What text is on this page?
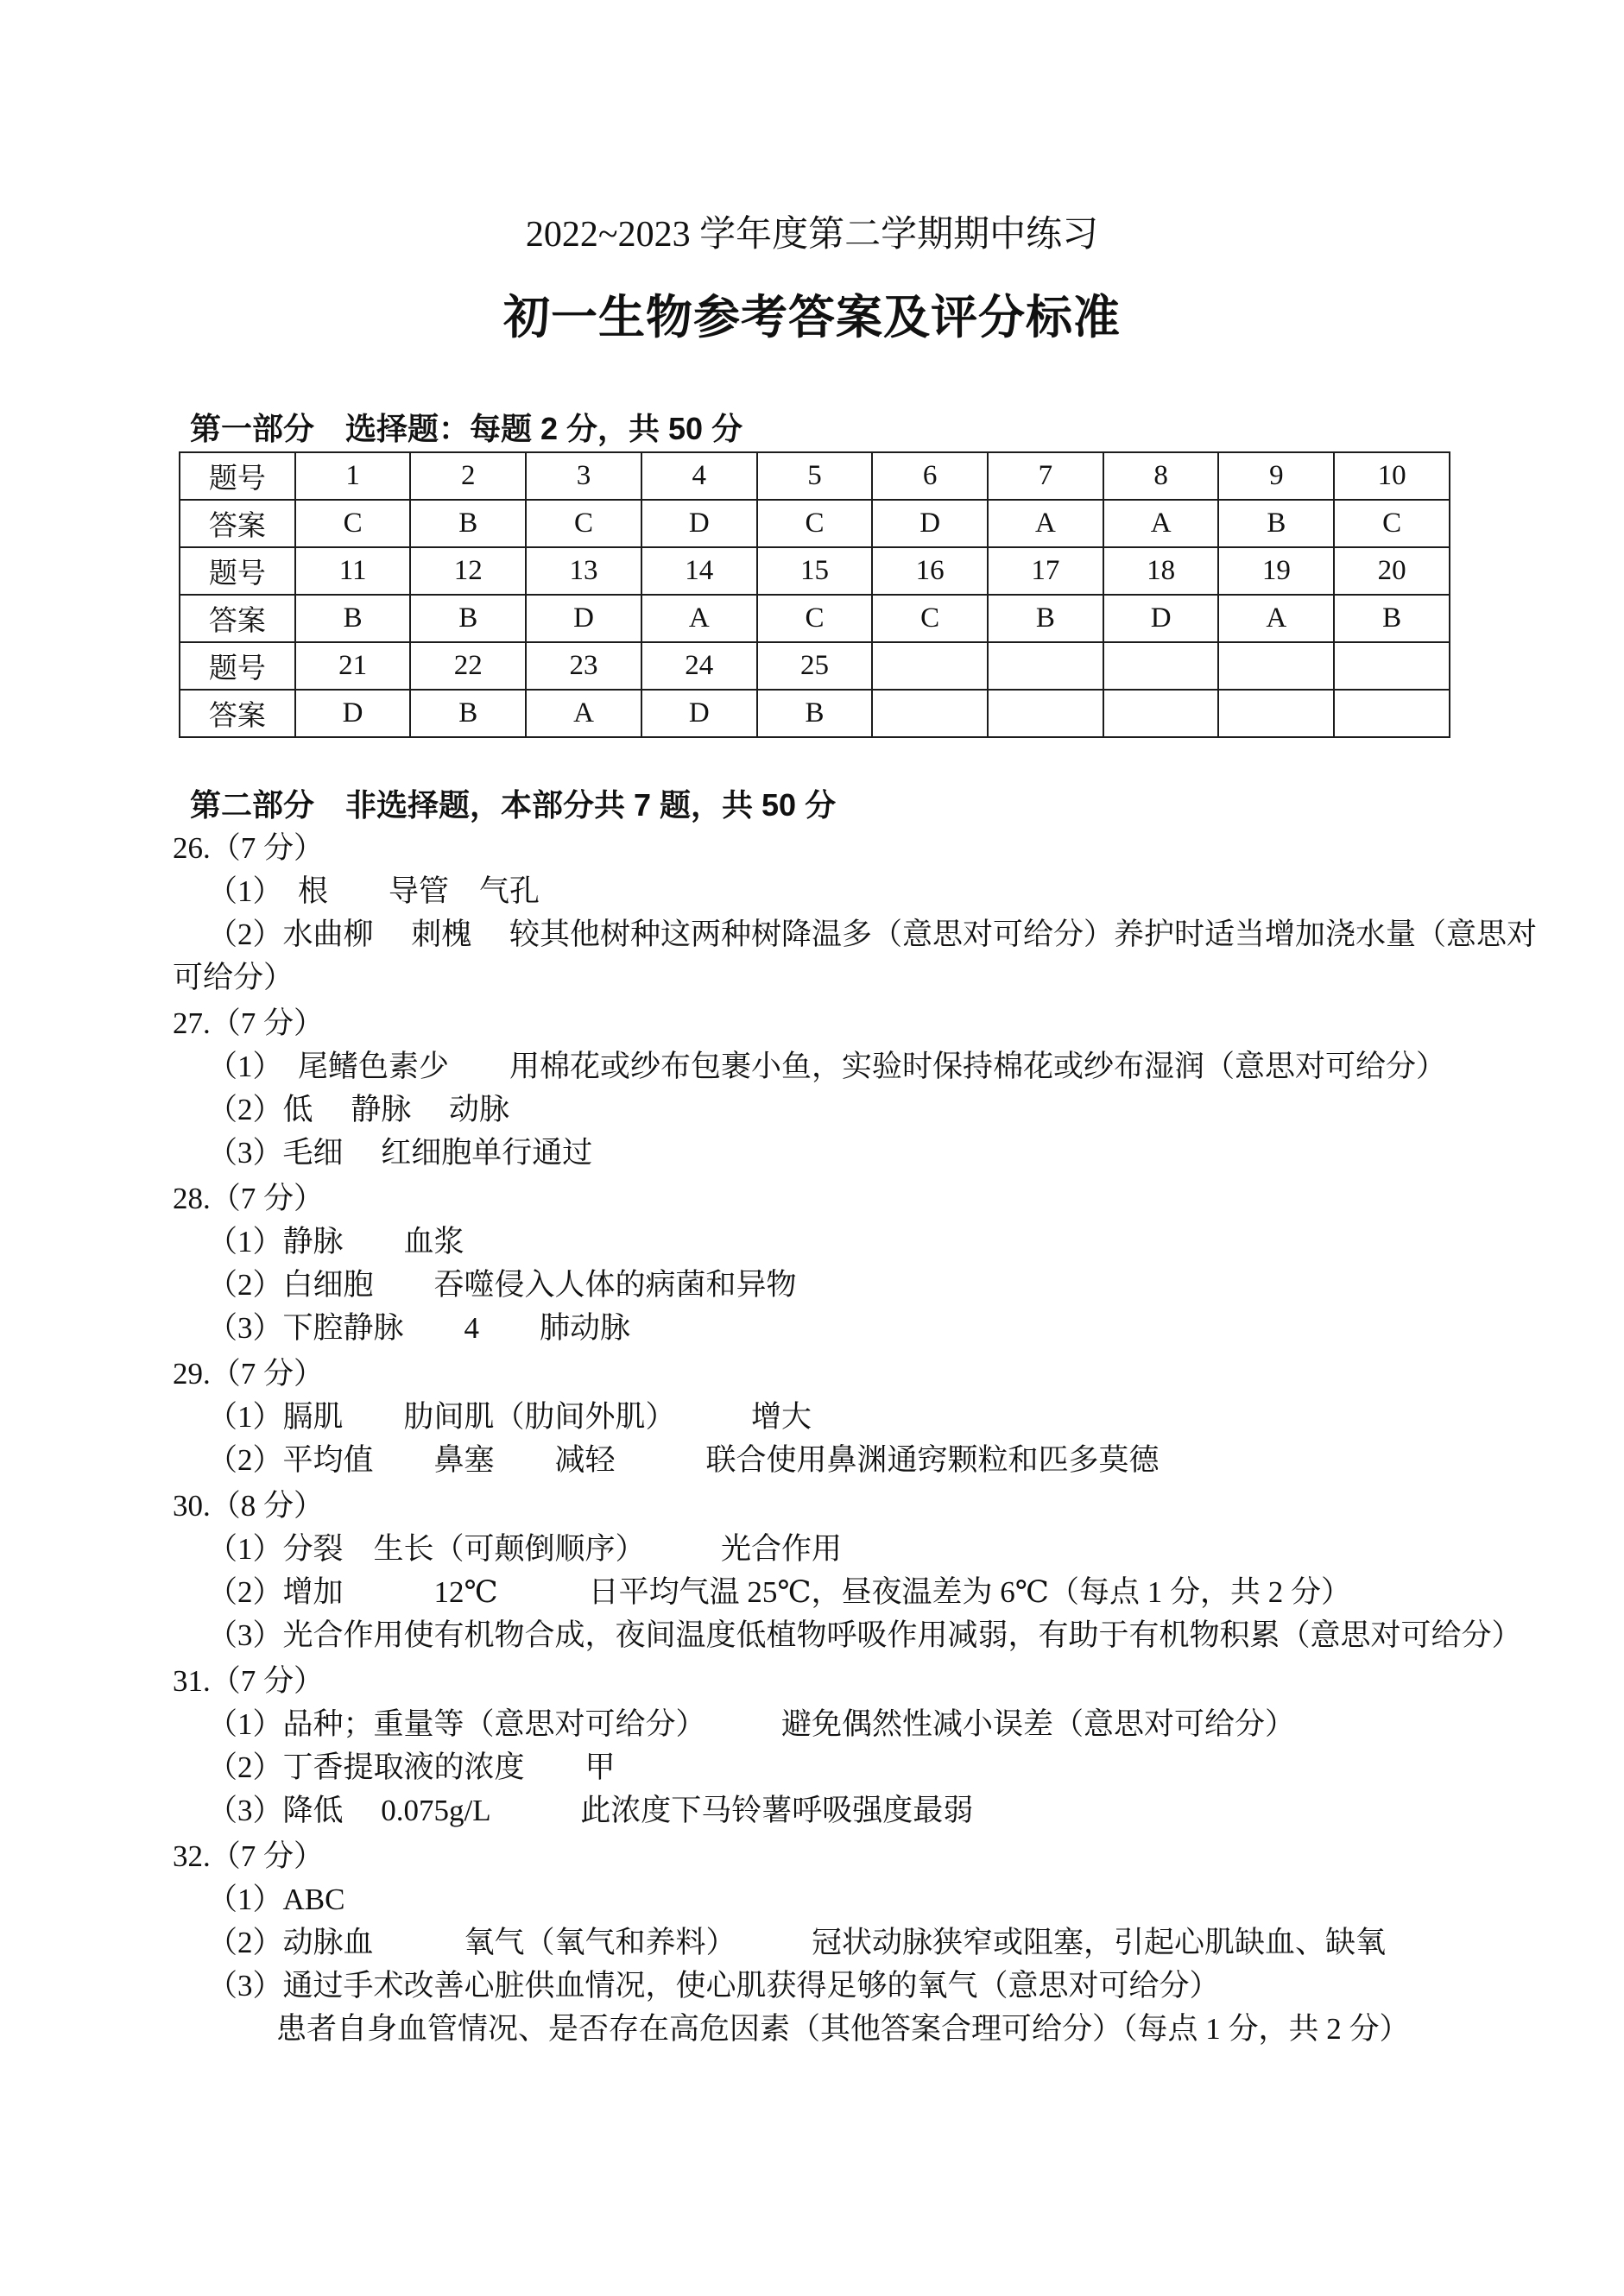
2022~2023 学年度第二学期期中练习
初一生物参考答案及评分标准
第一部分　选择题：每题 2 分，共 50 分
题号	1	2	3	4	5	6	7	8	9	10
答案	C	B	C	D	C	D	A	A	B	C
题号	11	12	13	14	15	16	17	18	19	20
答案	B	B	D	A	C	C	B	D	A	B
题号	21	22	23	24	25					
答案	D	B	A	D	B					
第二部分　非选择题，本部分共 7 题，共 50 分
26.（7 分）
（1）　根　　导管　气孔
（2）水曲柳　 刺槐　 较其他树种这两种树降温多（意思对可给分）养护时适当增加浇水量（意思对
可给分）
27.（7 分）
（1）　尾鳍色素少　　用棉花或纱布包裹小鱼，实验时保持棉花或纱布湿润（意思对可给分）
（2）低　 静脉　 动脉
（3）毛细　 红细胞单行通过
28.（7 分）
（1）静脉　　血浆
（2）白细胞　　吞噬侵入人体的病菌和异物
（3）下腔静脉　　4　　肺动脉
29.（7 分）
（1）膈肌　　肋间肌（肋间外肌）　　　增大
（2）平均值　　鼻塞　　减轻　　　联合使用鼻渊通窍颗粒和匹多莫德
30.（8 分）
（1）分裂　生长（可颠倒顺序）　　　光合作用
（2）增加　　　12℃　　　日平均气温 25℃，昼夜温差为 6℃（每点 1 分，共 2 分）
（3）光合作用使有机物合成，夜间温度低植物呼吸作用减弱，有助于有机物积累（意思对可给分）
31.（7 分）
（1）品种；重量等（意思对可给分）　　　避免偶然性减小误差（意思对可给分）
（2）丁香提取液的浓度　　甲
（3）降低　 0.075g/L　　　此浓度下马铃薯呼吸强度最弱
32.（7 分）
（1）ABC
（2）动脉血　　　氧气（氧气和养料）　　　冠状动脉狭窄或阻塞，引起心肌缺血、缺氧
（3）通过手术改善心脏供血情况，使心肌获得足够的氧气（意思对可给分）
患者自身血管情况、是否存在高危因素（其他答案合理可给分）（每点 1 分，共 2 分）
